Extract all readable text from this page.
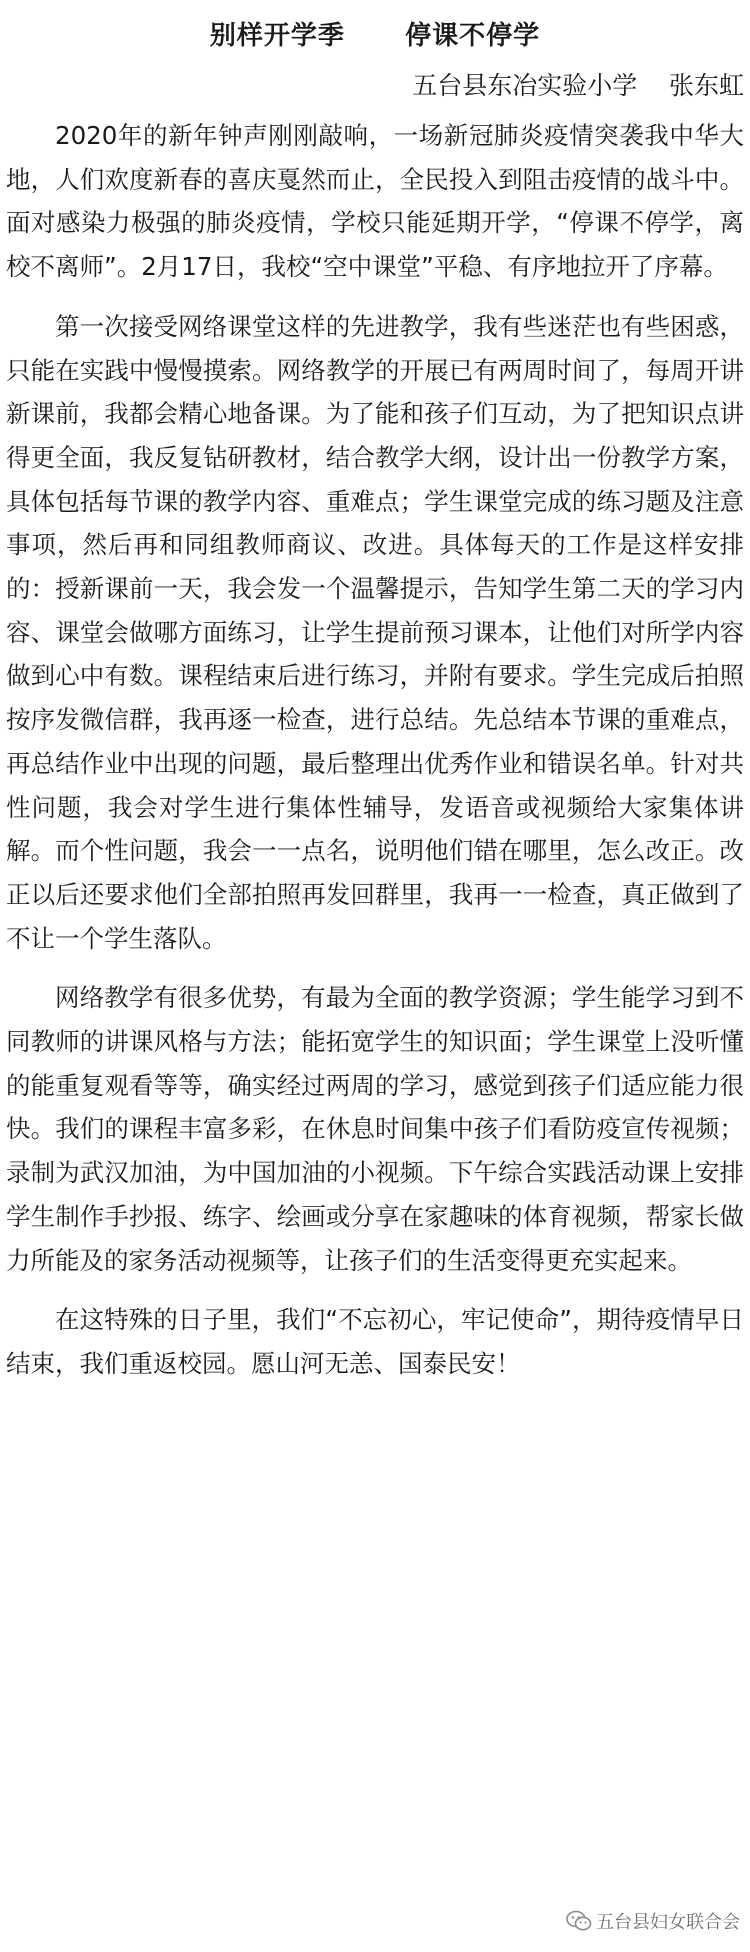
别样开学季      停课不停学
五台县东冶实验小学    张东虹

2020年的新年钟声刚刚敲响，一场新冠肺炎疫情突袭我中华大地，人们欢度新春的喜庆戛然而止，全民投入到阻击疫情的战斗中。面对感染力极强的肺炎疫情，学校只能延期开学，“停课不停学，离校不离师”。2月17日，我校“空中课堂”平稳、有序地拉开了序幕。

第一次接受网络课堂这样的先进教学，我有些迷茫也有些困惑，只能在实践中慢慢摸索。网络教学的开展已有两周时间了，每周开讲新课前，我都会精心地备课。为了能和孩子们互动，为了把知识点讲得更全面，我反复钻研教材，结合教学大纲，设计出一份教学方案，具体包括每节课的教学内容、重难点；学生课堂完成的练习题及注意事项，然后再和同组教师商议、改进。具体每天的工作是这样安排的：授新课前一天，我会发一个温馨提示，告知学生第二天的学习内容、课堂会做哪方面练习，让学生提前预习课本，让他们对所学内容做到心中有数。课程结束后进行练习，并附有要求。学生完成后拍照按序发微信群，我再逐一检查，进行总结。先总结本节课的重难点，再总结作业中出现的问题，最后整理出优秀作业和错误名单。针对共性问题，我会对学生进行集体性辅导，发语音或视频给大家集体讲解。而个性问题，我会一一点名，说明他们错在哪里，怎么改正。改正以后还要求他们全部拍照再发回群里，我再一一检查，真正做到了不让一个学生落队。

网络教学有很多优势，有最为全面的教学资源；学生能学习到不同教师的讲课风格与方法；能拓宽学生的知识面；学生课堂上没听懂的能重复观看等等，确实经过两周的学习，感觉到孩子们适应能力很快。我们的课程丰富多彩，在休息时间集中孩子们看防疫宣传视频；录制为武汉加油，为中国加油的小视频。下午综合实践活动课上安排学生制作手抄报、练字、绘画或分享在家趣味的体育视频，帮家长做力所能及的家务活动视频等，让孩子们的生活变得更充实起来。

在这特殊的日子里，我们“不忘初心，牢记使命”，期待疫情早日结束，我们重返校园。愿山河无恙、国泰民安！

五台县妇女联合会
